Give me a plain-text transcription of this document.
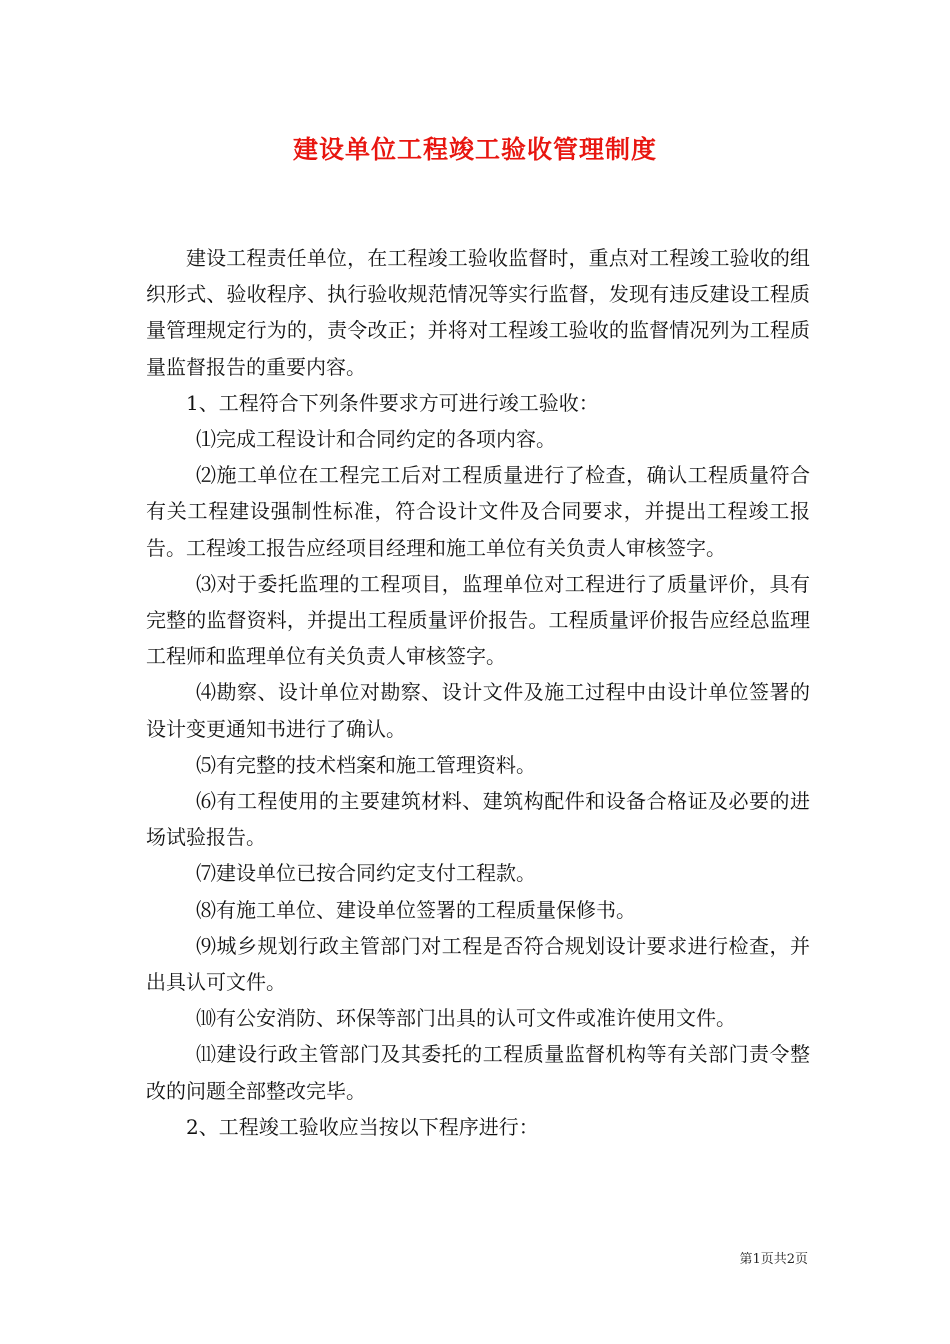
建设单位工程竣工验收管理制度

建设工程责任单位，在工程竣工验收监督时，重点对工程竣工验收的组织形式、验收程序、执行验收规范情况等实行监督，发现有违反建设工程质量管理规定行为的，责令改正；并将对工程竣工验收的监督情况列为工程质量监督报告的重要内容。

1、工程符合下列条件要求方可进行竣工验收：

⑴完成工程设计和合同约定的各项内容。

⑵施工单位在工程完工后对工程质量进行了检查，确认工程质量符合有关工程建设强制性标准，符合设计文件及合同要求，并提出工程竣工报告。工程竣工报告应经项目经理和施工单位有关负责人审核签字。

⑶对于委托监理的工程项目，监理单位对工程进行了质量评价，具有完整的监督资料，并提出工程质量评价报告。工程质量评价报告应经总监理工程师和监理单位有关负责人审核签字。

⑷勘察、设计单位对勘察、设计文件及施工过程中由设计单位签署的设计变更通知书进行了确认。

⑸有完整的技术档案和施工管理资料。

⑹有工程使用的主要建筑材料、建筑构配件和设备合格证及必要的进场试验报告。

⑺建设单位已按合同约定支付工程款。

⑻有施工单位、建设单位签署的工程质量保修书。

⑼城乡规划行政主管部门对工程是否符合规划设计要求进行检查，并出具认可文件。

⑽有公安消防、环保等部门出具的认可文件或准许使用文件。

⑾建设行政主管部门及其委托的工程质量监督机构等有关部门责令整改的问题全部整改完毕。

2、工程竣工验收应当按以下程序进行：

第1页共2页
